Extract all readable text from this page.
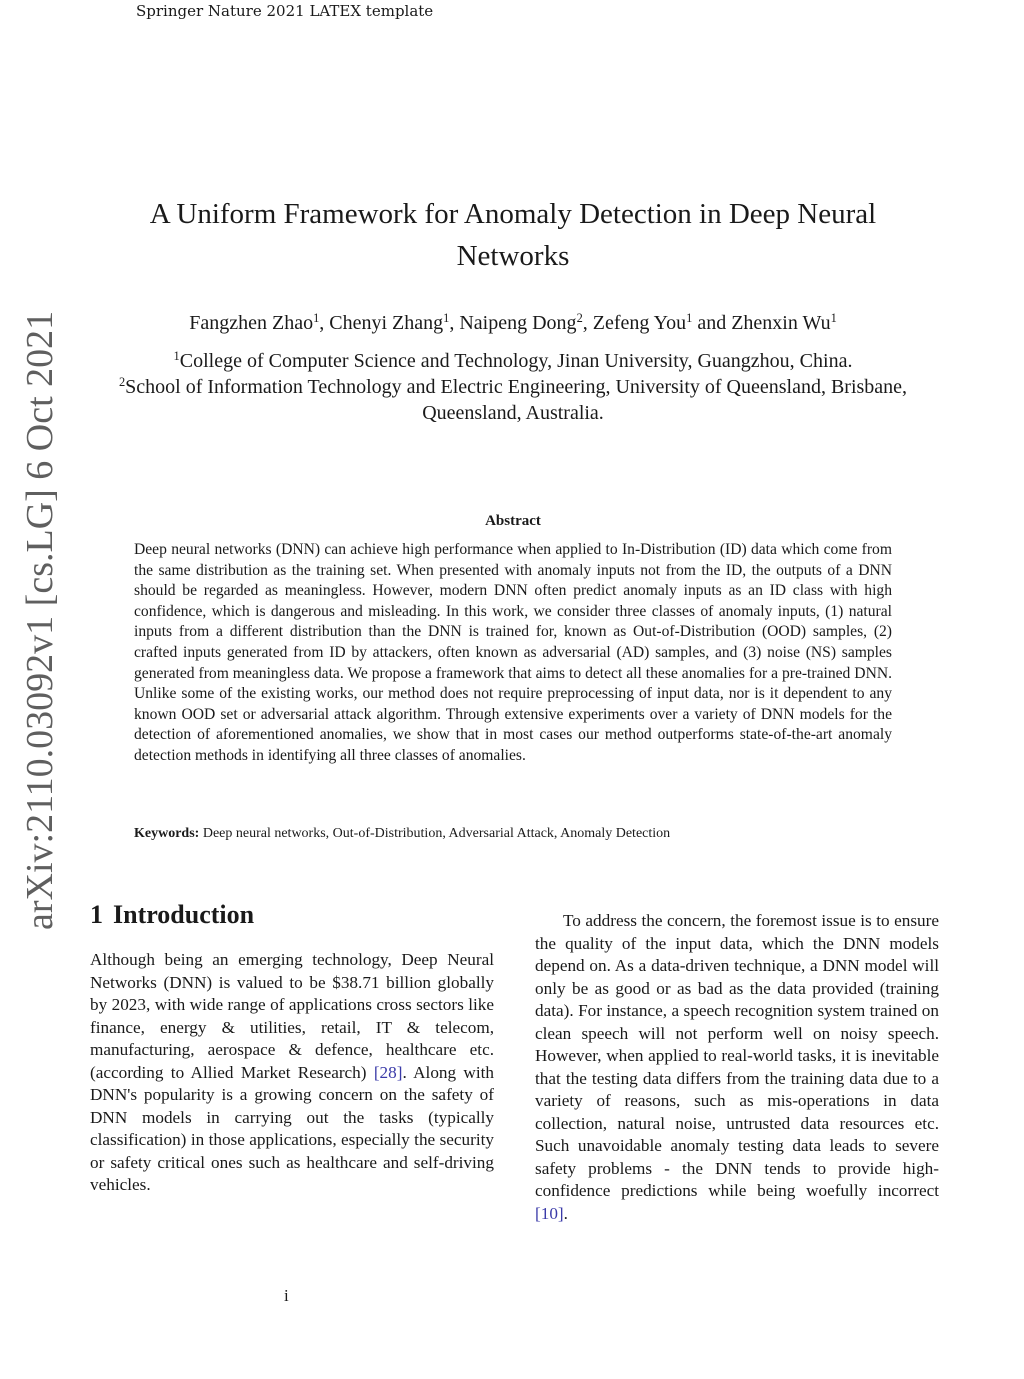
Springer Nature 2021 LATEX template
arXiv:2110.03092v1 [cs.LG] 6 Oct 2021
A Uniform Framework for Anomaly Detection in Deep Neural Networks
Fangzhen Zhao$^1$, Chenyi Zhang$^1$, Naipeng Dong$^2$, Zefeng You$^1$ and Zhenxin Wu$^1$
$^1$College of Computer Science and Technology, Jinan University, Guangzhou, China.
$^2$School of Information Technology and Electric Engineering, University of Queensland, Brisbane, Queensland, Australia.
Abstract
Deep neural networks (DNN) can achieve high performance when applied to In-Distribution (ID) data which come from the same distribution as the training set. When presented with anomaly inputs not from the ID, the outputs of a DNN should be regarded as meaningless. However, modern DNN often predict anomaly inputs as an ID class with high confidence, which is dangerous and misleading. In this work, we consider three classes of anomaly inputs, (1) natural inputs from a different distribution than the DNN is trained for, known as Out-of-Distribution (OOD) samples, (2) crafted inputs generated from ID by attackers, often known as adversarial (AD) samples, and (3) noise (NS) samples generated from meaningless data. We propose a framework that aims to detect all these anomalies for a pre-trained DNN. Unlike some of the existing works, our method does not require preprocessing of input data, nor is it dependent to any known OOD set or adversarial attack algorithm. Through extensive experiments over a variety of DNN models for the detection of aforementioned anomalies, we show that in most cases our method outperforms state-of-the-art anomaly detection methods in identifying all three classes of anomalies.
Keywords: Deep neural networks, Out-of-Distribution, Adversarial Attack, Anomaly Detection
1 Introduction
Although being an emerging technology, Deep Neural Networks (DNN) is valued to be $38.71 billion globally by 2023, with wide range of applications cross sectors like finance, energy & utilities, retail, IT & telecom, manufacturing, aerospace & defence, healthcare etc. (according to Allied Market Research) [28]. Along with DNN's popularity is a growing concern on the safety of DNN models in carrying out the tasks (typically classification) in those applications, especially the security or safety critical ones such as healthcare and self-driving vehicles.
To address the concern, the foremost issue is to ensure the quality of the input data, which the DNN models depend on. As a data-driven technique, a DNN model will only be as good or as bad as the data provided (training data). For instance, a speech recognition system trained on clean speech will not perform well on noisy speech. However, when applied to real-world tasks, it is inevitable that the testing data differs from the training data due to a variety of reasons, such as mis-operations in data collection, natural noise, untrusted data resources etc. Such unavoidable anomaly testing data leads to severe safety problems - the DNN tends to provide high-confidence predictions while being woefully incorrect [10].
i
